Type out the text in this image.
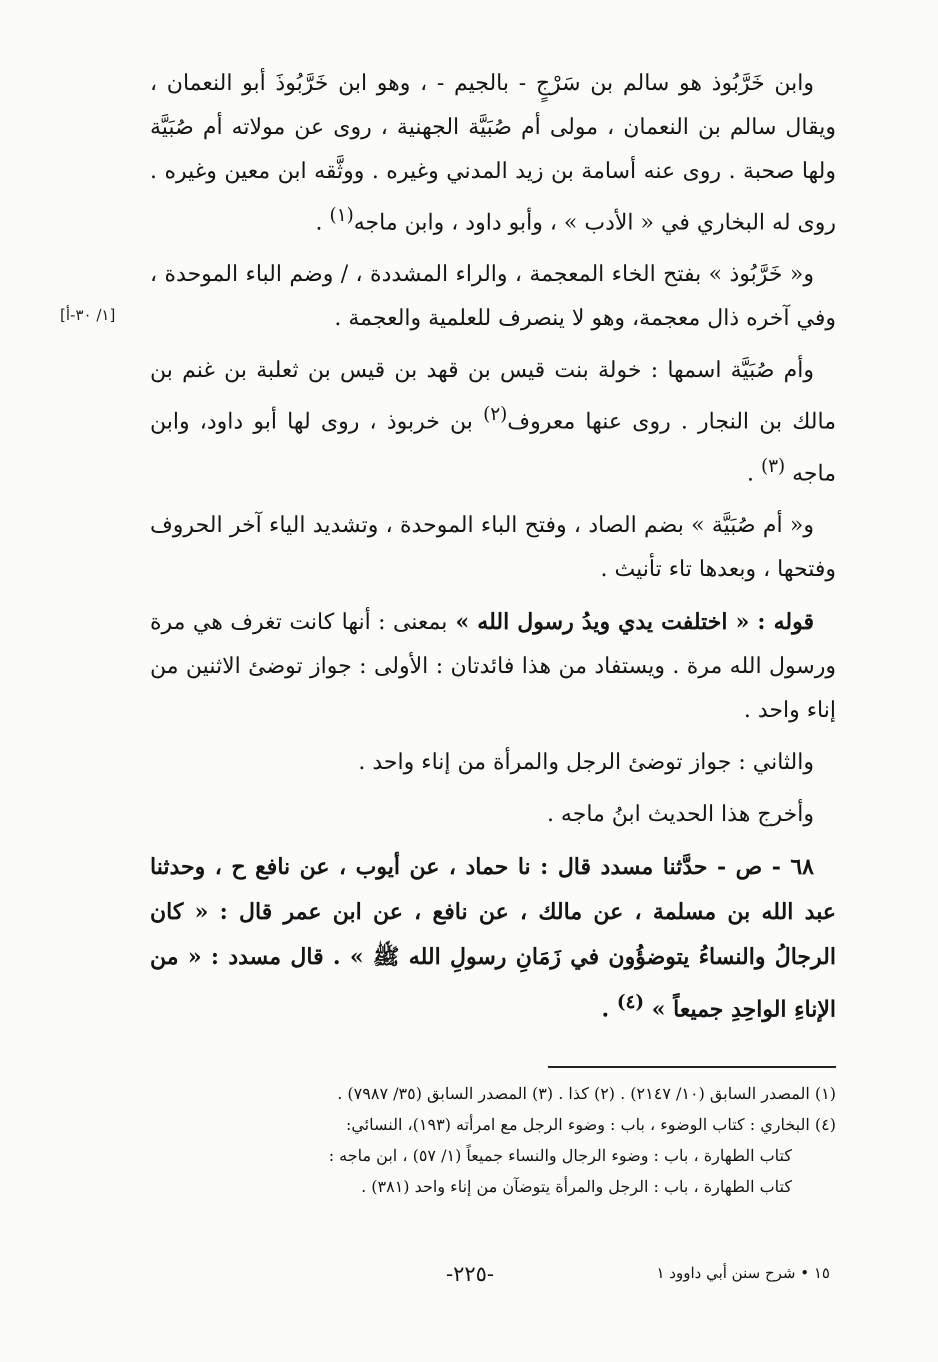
وابن خَرَّبُوذ هو سالم بن سَرْجٍ - بالجيم - ، وهو ابن خَرَّبُوذَ أبو النعمان ، ويقال سالم بن النعمان ، مولى أم صُبَيَّة الجهنية ، روى عن مولاته أم صُبَيَّة ولها صحبة . روى عنه أسامة بن زيد المدني وغيره . ووثَّقه ابن معين وغيره . روى له البخاري في « الأدب » ، وأبو داود ، وابن ماجه$^{(١)}$ .

و« خَرَّبُوذ » بفتح الخاء المعجمة ، والراء المشددة ، / وضم الباء الموحدة ، وفي آخره ذال معجمة، وهو لا ينصرف للعلمية والعجمة .

وأم صُبَيَّة اسمها : خولة بنت قيس بن قهد بن قيس بن ثعلبة بن غنم بن مالك بن النجار . روى عنها معروف$^{(٢)}$ بن خربوذ ، روى لها أبو داود، وابن ماجه $^{(٣)}$ .

و« أم صُبَيَّة » بضم الصاد ، وفتح الباء الموحدة ، وتشديد الياء آخر الحروف وفتحها ، وبعدها تاء تأنيث .

قوله : « اختلفت يدي ويدُ رسول الله » بمعنى : أنها كانت تغرف هي مرة ورسول الله مرة . ويستفاد من هذا فائدتان : الأولى : جواز توضئ الاثنين من إناء واحد .

والثاني : جواز توضئ الرجل والمرأة من إناء واحد .

وأخرج هذا الحديث ابنُ ماجه .

٦٨ - ص - حدَّثنا مسدد قال : نا حماد ، عن أيوب ، عن نافع ح ، وحدثنا عبد الله بن مسلمة ، عن مالك ، عن نافع ، عن ابن عمر قال : « كان الرجالُ والنساءُ يتوضؤُون في زَمَانِ رسولِ الله ﷺ » . قال مسدد : « من الإناءِ الواحِدِ جميعاً » $^{(٤)}$ .

[١/ ٣٠-أ]
(١) المصدر السابق (١٠/ ٢١٤٧) . (٢) كذا . (٣) المصدر السابق (٣٥/ ٧٩٨٧) .
(٤) البخاري : كتاب الوضوء ، باب : وضوء الرجل مع امرأته (١٩٣)، النسائي:
كتاب الطهارة ، باب : وضوء الرجال والنساء جميعاً (١/ ٥٧) ، ابن ماجه :
كتاب الطهارة ، باب : الرجل والمرأة يتوضآن من إناء واحد (٣٨١) .
١٥ • شرح سنن أبي داوود ١
-٢٢٥-
